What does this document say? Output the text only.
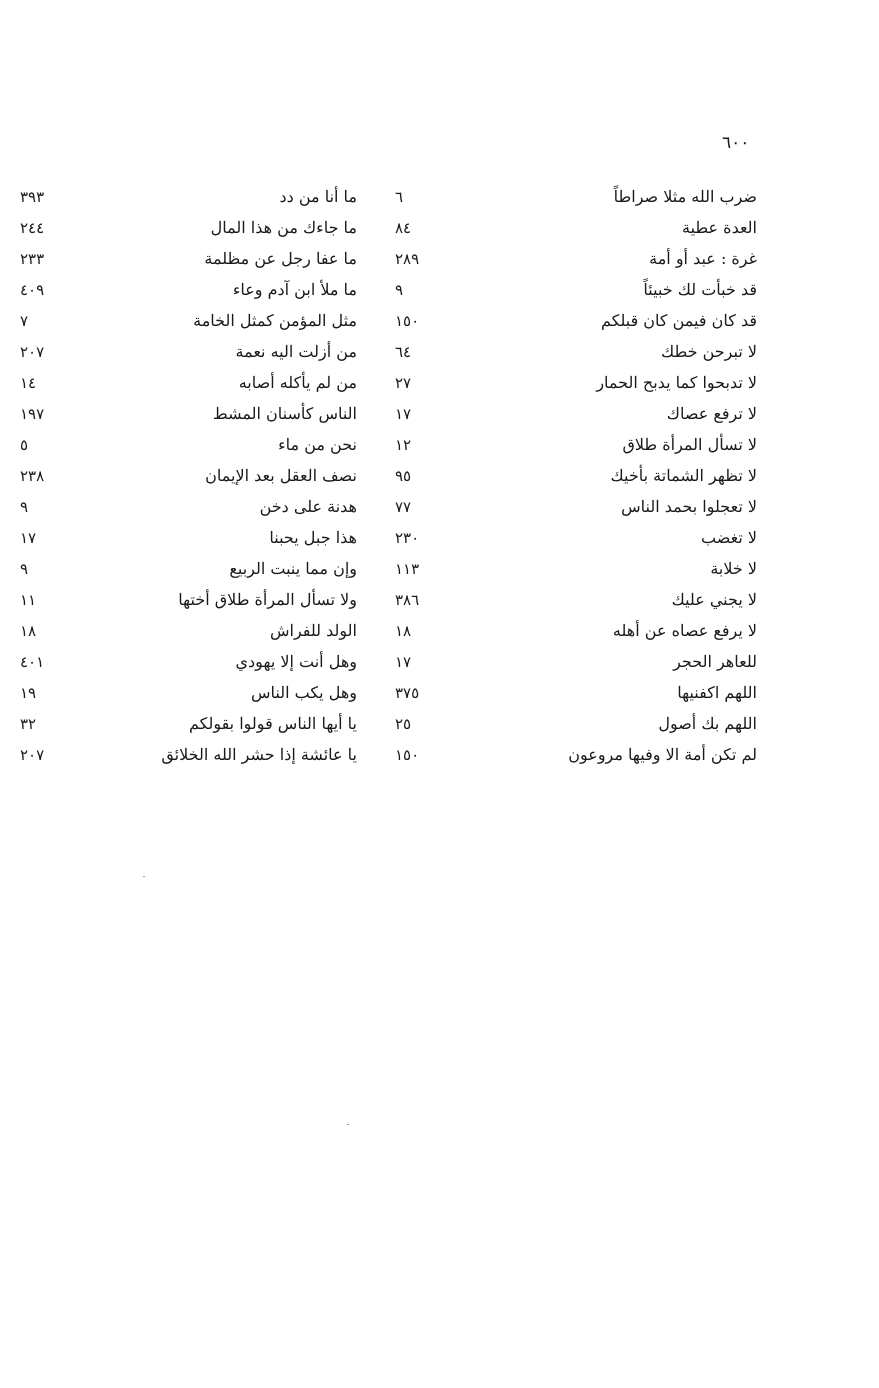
٦٠٠
ضرب الله مثلا صراطاً
٦
العدة عطية
٨٤
غرة : عبد أو أمة
٢٨٩
قد خبأت لك خبيئاً
٩
قد كان فيمن كان قبلكم
١٥٠
لا تبرحن خطك
٦٤
لا تدبحوا كما يدبح الحمار
٢٧
لا ترفع عصاك
١٧
لا تسأل المرأة طلاق
١٢
لا تظهر الشماتة بأخيك
٩٥
لا تعجلوا بحمد الناس
٧٧
لا تغضب
٢٣٠
لا خلابة
١١٣
لا يجني عليك
٣٨٦
لا يرفع عصاه عن أهله
١٨
للعاهر الحجر
١٧
اللهم اكفنيها
٣٧٥
اللهم بك أصول
٢٥
لم تكن أمة الا وفيها مروعون
١٥٠
ما أنا من دد
٣٩٣
ما جاءك من هذا المال
٢٤٤
ما عفا رجل عن مظلمة
٢٣٣
ما ملأ ابن آدم وعاء
٤٠٩
مثل المؤمن كمثل الخامة
٧
من أزلت اليه نعمة
٢٠٧
من لم يأكله أصابه
١٤
الناس كأسنان المشط
١٩٧
نحن من ماء
٥
نصف العقل بعد الإيمان
٢٣٨
هدنة على دخن
٩
هذا جبل يحبنا
١٧
وإن مما ينبت الربيع
٩
ولا تسأل المرأة طلاق أختها
١١
الولد للفراش
١٨
وهل أنت إلا يهودي
٤٠١
وهل يكب الناس
١٩
يا أيها الناس قولوا بقولكم
٣٢
يا عائشة إذا حشر الله الخلائق
٢٠٧
